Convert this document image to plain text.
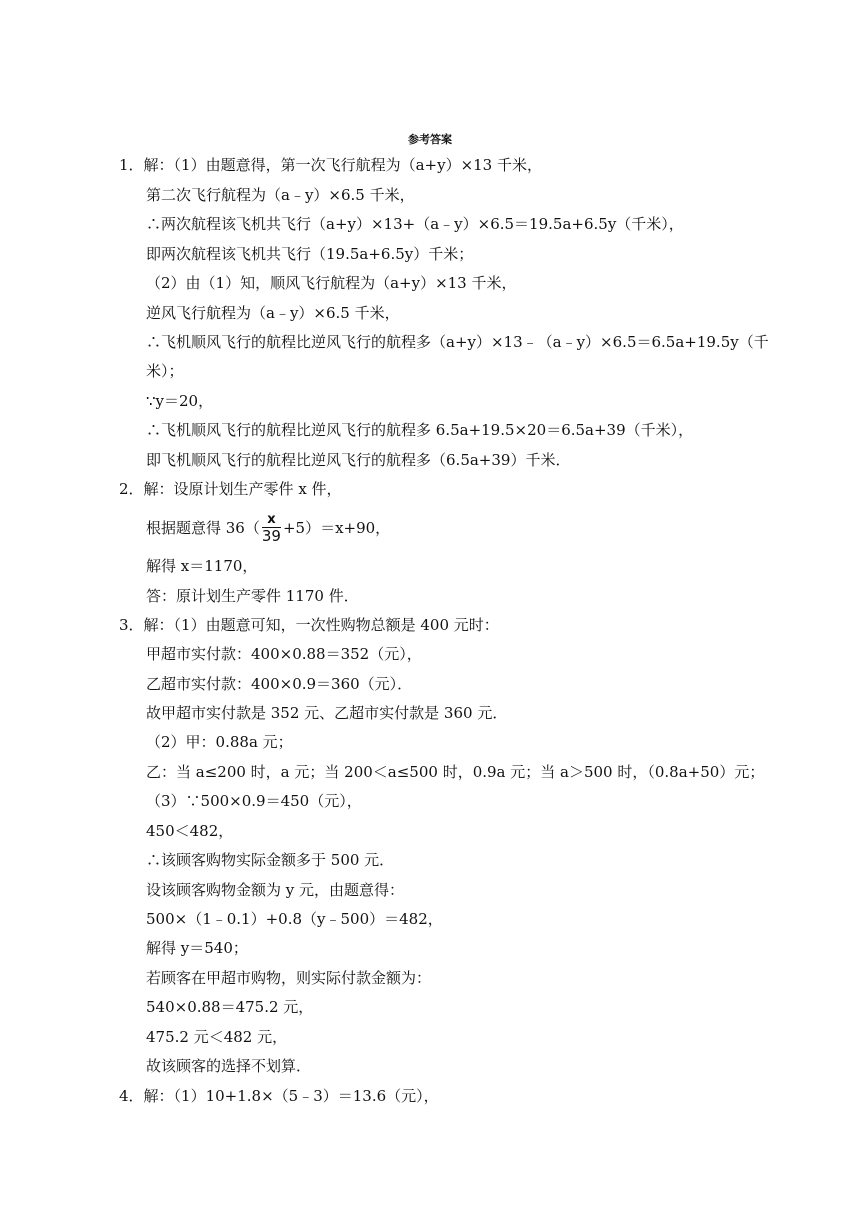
参考答案
1．解：（1）由题意得，第一次飞行航程为（a+y）×13 千米，
第二次飞行航程为（a﹣y）×6.5 千米，
∴两次航程该飞机共飞行（a+y）×13+（a﹣y）×6.5＝19.5a+6.5y（千米），
即两次航程该飞机共飞行（19.5a+6.5y）千米；
（2）由（1）知，顺风飞行航程为（a+y）×13 千米，
逆风飞行航程为（a﹣y）×6.5 千米，
∴飞机顺风飞行的航程比逆风飞行的航程多（a+y）×13﹣（a﹣y）×6.5＝6.5a+19.5y（千
米）；
∵y＝20，
∴飞机顺风飞行的航程比逆风飞行的航程多 6.5a+19.5×20＝6.5a+39（千米），
即飞机顺风飞行的航程比逆风飞行的航程多（6.5a+39）千米．
2．解：设原计划生产零件 x 件，
根据题意得 $36( \frac{x}{39} +5)=x+90$，
解得 x＝1170，
答：原计划生产零件 1170 件．
3．解：（1）由题意可知，一次性购物总额是 400 元时：
甲超市实付款：400×0.88＝352（元），
乙超市实付款：400×0.9＝360（元）．
故甲超市实付款是 352 元、乙超市实付款是 360 元．
（2）甲：0.88a 元；
乙：当 a≤200 时，a 元；当 200＜a≤500 时，0.9a 元；当 a＞500 时，（0.8a+50）元；
（3）∵500×0.9＝450（元），
450＜482，
∴该顾客购物实际金额多于 500 元．
设该顾客购物金额为 y 元，由题意得：
500×（1﹣0.1）+0.8（y﹣500）＝482，
解得 y＝540；
若顾客在甲超市购物，则实际付款金额为：
540×0.88＝475.2 元，
475.2 元＜482 元，
故该顾客的选择不划算．
4．解：（1）10+1.8×（5﹣3）＝13.6（元），
